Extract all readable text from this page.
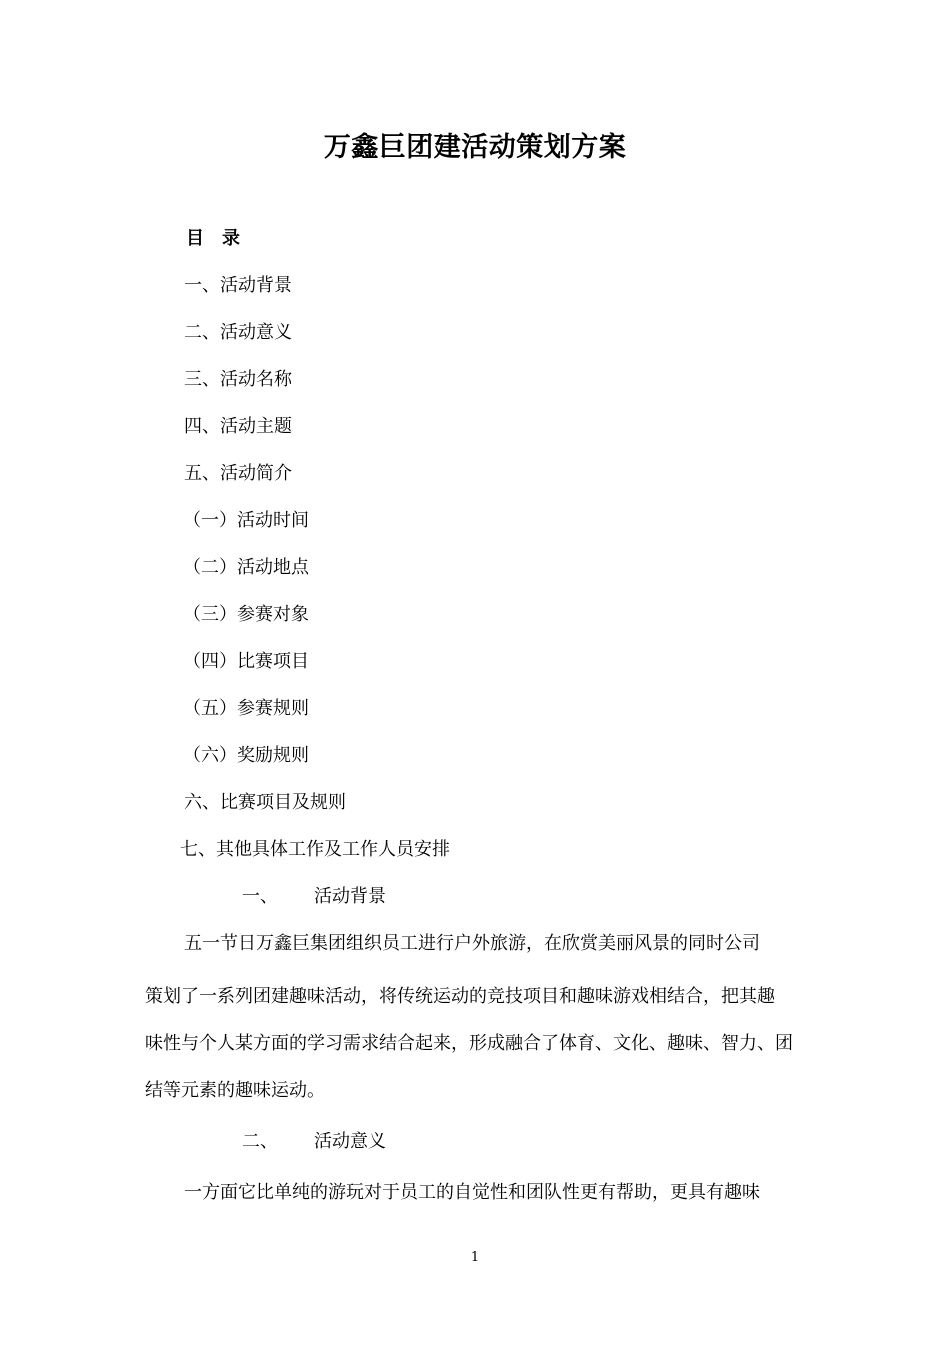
万鑫巨团建活动策划方案
目 录
一、活动背景
二、活动意义
三、活动名称
四、活动主题
五、活动简介
（一）活动时间
（二）活动地点
（三）参赛对象
（四）比赛项目
（五）参赛规则
（六）奖励规则
六、比赛项目及规则
七、其他具体工作及工作人员安排
一、 活动背景
五一节日万鑫巨集团组织员工进行户外旅游，在欣赏美丽风景的同时公司
策划了一系列团建趣味活动，将传统运动的竞技项目和趣味游戏相结合，把其趣
味性与个人某方面的学习需求结合起来，形成融合了体育、文化、趣味、智力、团
结等元素的趣味运动。
二、 活动意义
一方面它比单纯的游玩对于员工的自觉性和团队性更有帮助，更具有趣味
1
